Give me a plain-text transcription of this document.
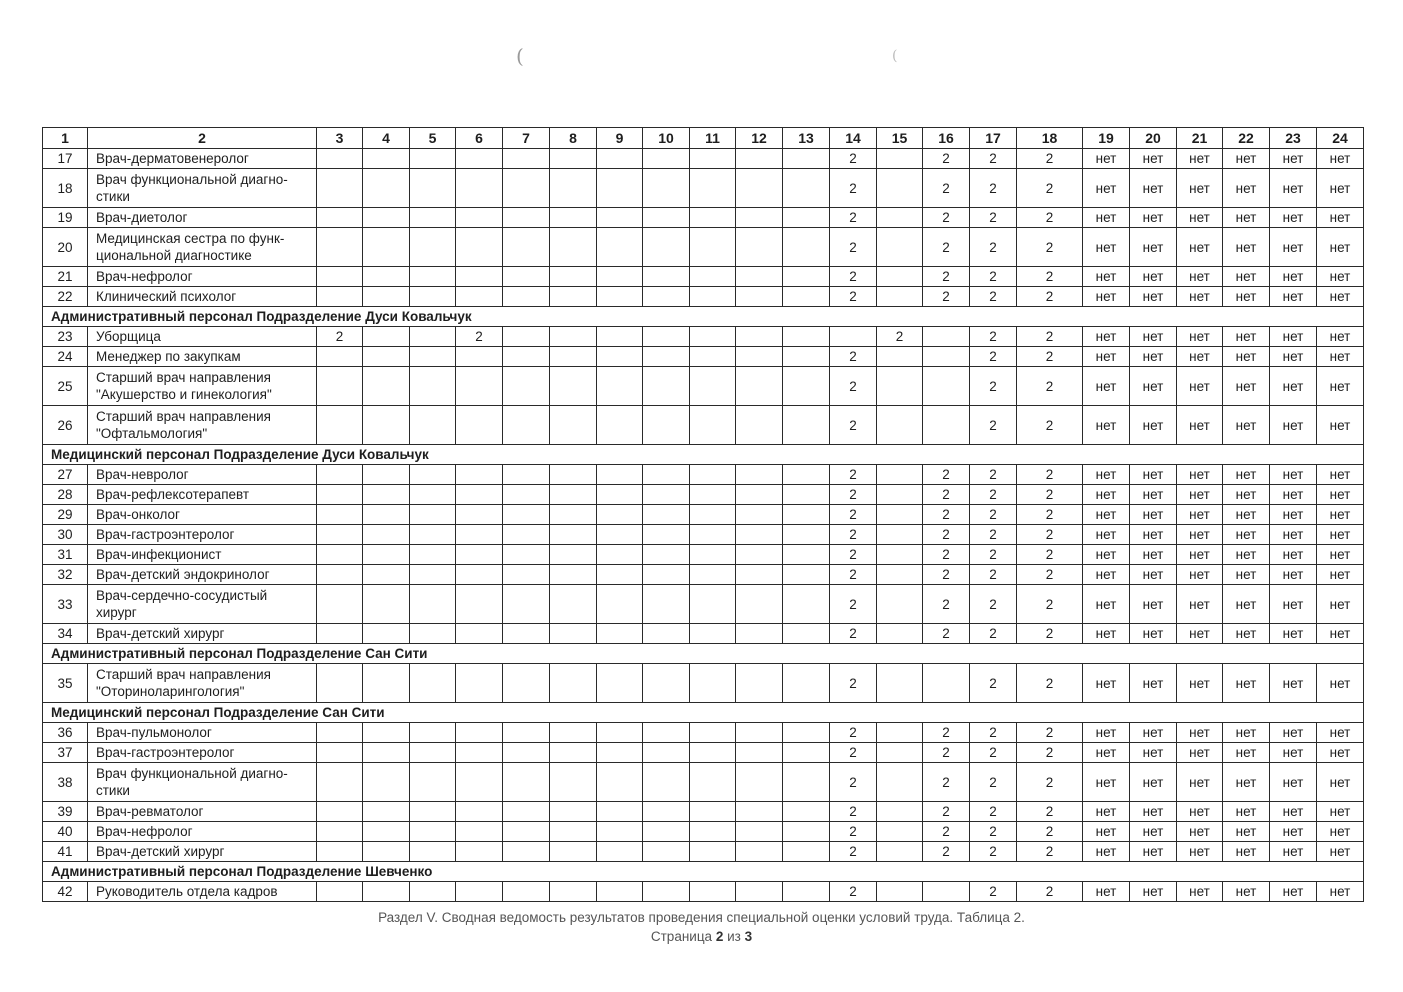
(	(
1	2	3	4	5	6	7	8	9	10	11	12	13	14	15	16	17	18	19	20	21	22	23	24
17	Врач-дерматовенеролог												2		2	2	2	нет	нет	нет	нет	нет	нет
18	Врач функциональной диагно-
стики												2		2	2	2	нет	нет	нет	нет	нет	нет
19	Врач-диетолог												2		2	2	2	нет	нет	нет	нет	нет	нет
20	Медицинская сестра по функ-
циональной диагностике												2		2	2	2	нет	нет	нет	нет	нет	нет
21	Врач-нефролог												2		2	2	2	нет	нет	нет	нет	нет	нет
22	Клинический психолог												2		2	2	2	нет	нет	нет	нет	нет	нет
Административный персонал Подразделение Дуси Ковальчук																							
23	Уборщица	2			2									2		2	2	нет	нет	нет	нет	нет	нет
24	Менеджер по закупкам												2			2	2	нет	нет	нет	нет	нет	нет
25	Старший врач направления
"Акушерство и гинекология"												2			2	2	нет	нет	нет	нет	нет	нет
26	Старший врач направления
"Офтальмология"												2			2	2	нет	нет	нет	нет	нет	нет
Медицинский персонал Подразделение Дуси Ковальчук																							
27	Врач-невролог												2		2	2	2	нет	нет	нет	нет	нет	нет
28	Врач-рефлексотерапевт												2		2	2	2	нет	нет	нет	нет	нет	нет
29	Врач-онколог												2		2	2	2	нет	нет	нет	нет	нет	нет
30	Врач-гастроэнтеролог												2		2	2	2	нет	нет	нет	нет	нет	нет
31	Врач-инфекционист												2		2	2	2	нет	нет	нет	нет	нет	нет
32	Врач-детский эндокринолог												2		2	2	2	нет	нет	нет	нет	нет	нет
33	Врач-сердечно-сосудистый
хирург												2		2	2	2	нет	нет	нет	нет	нет	нет
34	Врач-детский хирург												2		2	2	2	нет	нет	нет	нет	нет	нет
Административный персонал Подразделение Сан Сити																							
35	Старший врач направления
"Оториноларингология"												2			2	2	нет	нет	нет	нет	нет	нет
Медицинский персонал Подразделение Сан Сити																							
36	Врач-пульмонолог												2		2	2	2	нет	нет	нет	нет	нет	нет
37	Врач-гастроэнтеролог												2		2	2	2	нет	нет	нет	нет	нет	нет
38	Врач функциональной диагно-
стики												2		2	2	2	нет	нет	нет	нет	нет	нет
39	Врач-ревматолог												2		2	2	2	нет	нет	нет	нет	нет	нет
40	Врач-нефролог												2		2	2	2	нет	нет	нет	нет	нет	нет
41	Врач-детский хирург												2		2	2	2	нет	нет	нет	нет	нет	нет
Административный персонал Подразделение Шевченко																							
42	Руководитель отдела кадров												2			2	2	нет	нет	нет	нет	нет	нет
Раздел V. Сводная ведомость результатов проведения специальной оценки условий труда. Таблица 2.
Страница 2 из 3
